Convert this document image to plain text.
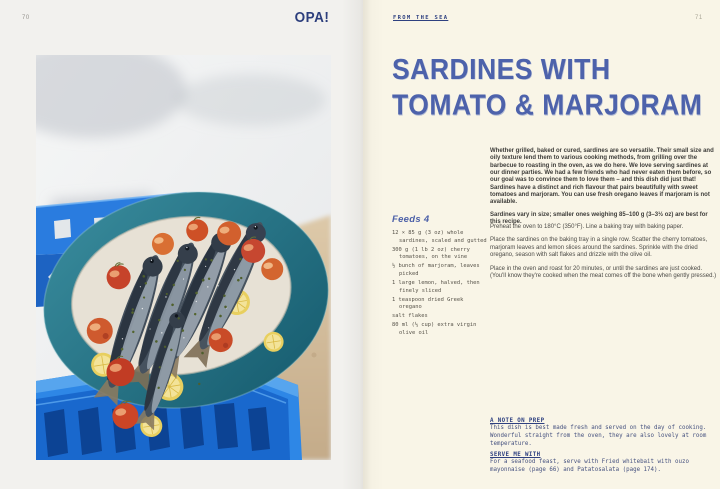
70	OPA!	FROM THE SEA	71
SARDINES WITH
TOMATO & MARJORAM

Whether grilled, baked or cured, sardines are so versatile. Their small size and oily texture lend them to various cooking methods, from grilling over the barbecue to roasting in the oven, as we do here. We love serving sardines at our dinner parties. We had a few friends who had never eaten them before, so our goal was to convince them to love them – and this dish did just that! Sardines have a distinct and rich flavour that pairs beautifully with sweet tomatoes and marjoram. You can use fresh oregano leaves if marjoram is not available.

Sardines vary in size; smaller ones weighing 85–100 g (3–3½ oz) are best for this recipe.

Feeds 4
12 × 85 g (3 oz) whole sardines, scaled and gutted
300 g (1 lb 2 oz) cherry tomatoes, on the vine
½ bunch of marjoram, leaves picked
1 large lemon, halved, then finely sliced
1 teaspoon dried Greek oregano
salt flakes
80 ml (⅓ cup) extra virgin olive oil

Preheat the oven to 180°C (350°F). Line a baking tray with baking paper.

Place the sardines on the baking tray in a single row. Scatter the cherry tomatoes, marjoram leaves and lemon slices around the sardines. Sprinkle with the dried oregano, season with salt flakes and drizzle with the olive oil.

Place in the oven and roast for 20 minutes, or until the sardines are just cooked. (You'll know they're cooked when the meat comes off the bone when gently pressed.)

A NOTE ON PREP

This dish is best made fresh and served on the day of cooking. Wonderful straight from the oven, they are also lovely at room temperature.

SERVE ME WITH

For a seafood feast, serve with Fried whitebait with ouzo mayonnaise (page 66) and Patatosalata (page 174).
